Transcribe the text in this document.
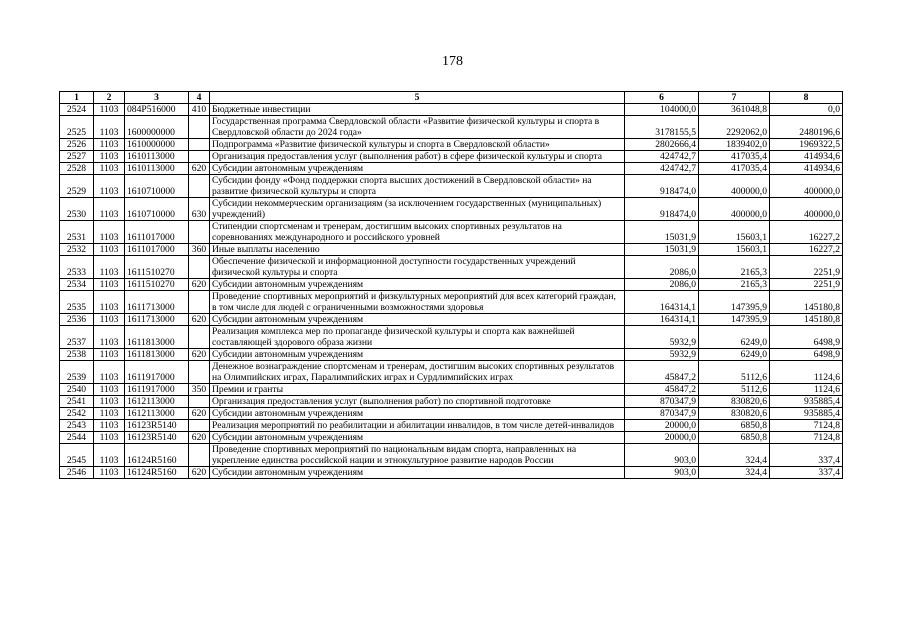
178
1	2	3	4	5	6	7	8
2524	1103	084P516000	410	Бюджетные инвестиции	104000,0	361048,8	0,0
2525	1103	1600000000		Государственная программа Свердловской области «Развитие физической культуры и спорта в Свердловской области до 2024 года»	3178155,5	2292062,0	2480196,6
2526	1103	1610000000		Подпрограмма «Развитие физической культуры и спорта в Свердловской области»	2802666,4	1839402,0	1969322,5
2527	1103	1610113000		Организация предоставления услуг (выполнения работ) в сфере физической культуры и спорта	424742,7	417035,4	414934,6
2528	1103	1610113000	620	Субсидии автономным учреждениям	424742,7	417035,4	414934,6
2529	1103	1610710000		Субсидии фонду «Фонд поддержки спорта высших достижений в Свердловской области» на развитие физической культуры и спорта	918474,0	400000,0	400000,0
2530	1103	1610710000	630	Субсидии некоммерческим организациям (за исключением государственных (муниципальных) учреждений)	918474,0	400000,0	400000,0
2531	1103	1611017000		Стипендии спортсменам и тренерам, достигшим высоких спортивных результатов на соревнованиях международного и российского уровней	15031,9	15603,1	16227,2
2532	1103	1611017000	360	Иные выплаты населению	15031,9	15603,1	16227,2
2533	1103	1611510270		Обеспечение физической и информационной доступности государственных учреждений физической культуры и спорта	2086,0	2165,3	2251,9
2534	1103	1611510270	620	Субсидии автономным учреждениям	2086,0	2165,3	2251,9
2535	1103	1611713000		Проведение спортивных мероприятий и физкультурных мероприятий для всех категорий граждан, в том числе для людей с ограниченными возможностями здоровья	164314,1	147395,9	145180,8
2536	1103	1611713000	620	Субсидии автономным учреждениям	164314,1	147395,9	145180,8
2537	1103	1611813000		Реализация комплекса мер по пропаганде физической культуры и спорта как важнейшей составляющей здорового образа жизни	5932,9	6249,0	6498,9
2538	1103	1611813000	620	Субсидии автономным учреждениям	5932,9	6249,0	6498,9
2539	1103	1611917000		Денежное вознаграждение спортсменам и тренерам, достигшим высоких спортивных результатов на Олимпийских играх, Паралимпийских играх и Сурдлимпийских играх	45847,2	5112,6	1124,6
2540	1103	1611917000	350	Премии и гранты	45847,2	5112,6	1124,6
2541	1103	1612113000		Организация предоставления услуг (выполнения работ) по спортивной подготовке	870347,9	830820,6	935885,4
2542	1103	1612113000	620	Субсидии автономным учреждениям	870347,9	830820,6	935885,4
2543	1103	16123R5140		Реализация мероприятий по реабилитации и абилитации инвалидов, в том числе детей-инвалидов	20000,0	6850,8	7124,8
2544	1103	16123R5140	620	Субсидии автономным учреждениям	20000,0	6850,8	7124,8
2545	1103	16124R5160		Проведение спортивных мероприятий по национальным видам спорта, направленных на укрепление единства российской нации и этнокультурное развитие народов России	903,0	324,4	337,4
2546	1103	16124R5160	620	Субсидии автономным учреждениям	903,0	324,4	337,4
